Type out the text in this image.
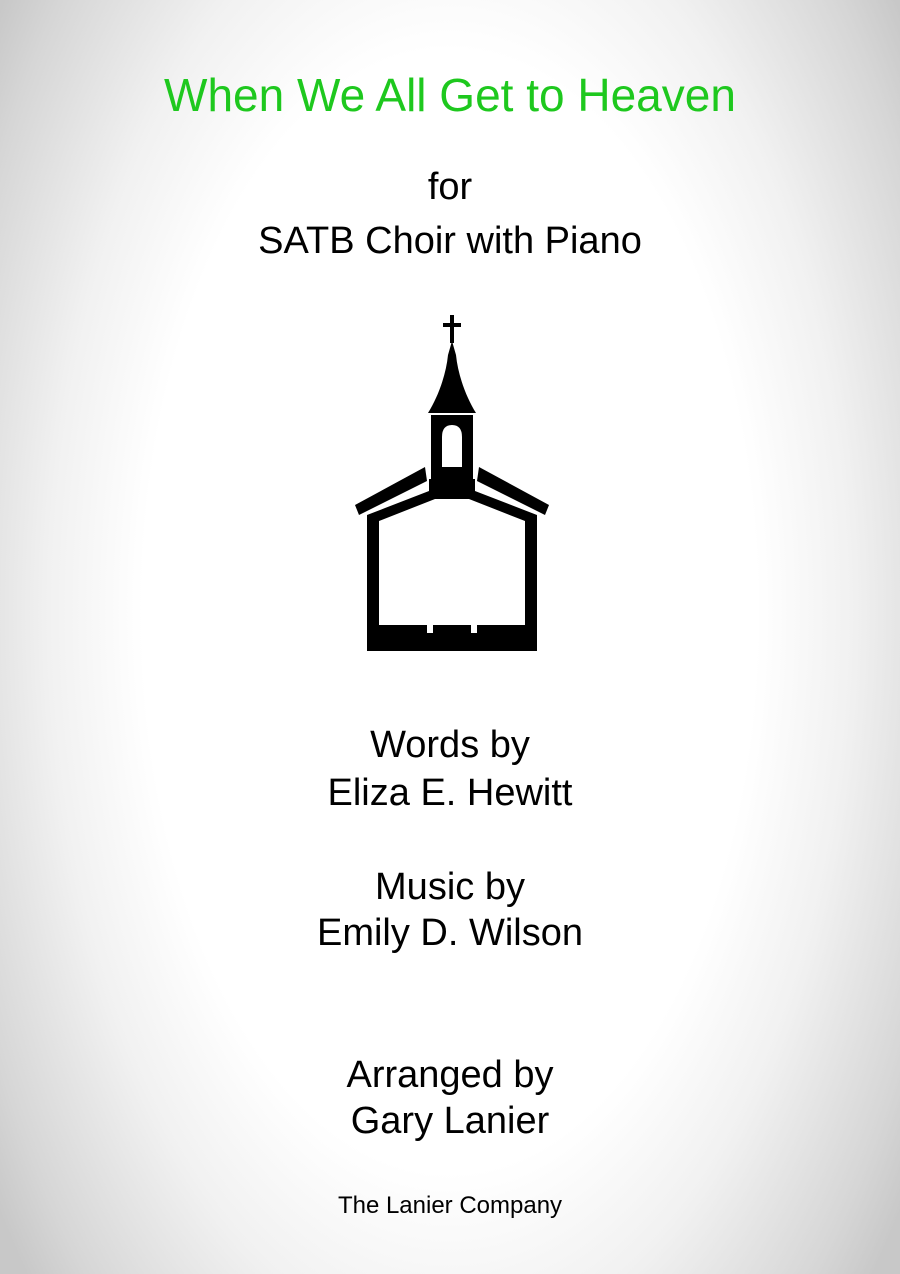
When We All Get to Heaven
for
SATB Choir with Piano
Words by
Eliza E. Hewitt
Music by
Emily D. Wilson
Arranged by
Gary Lanier
The Lanier Company
